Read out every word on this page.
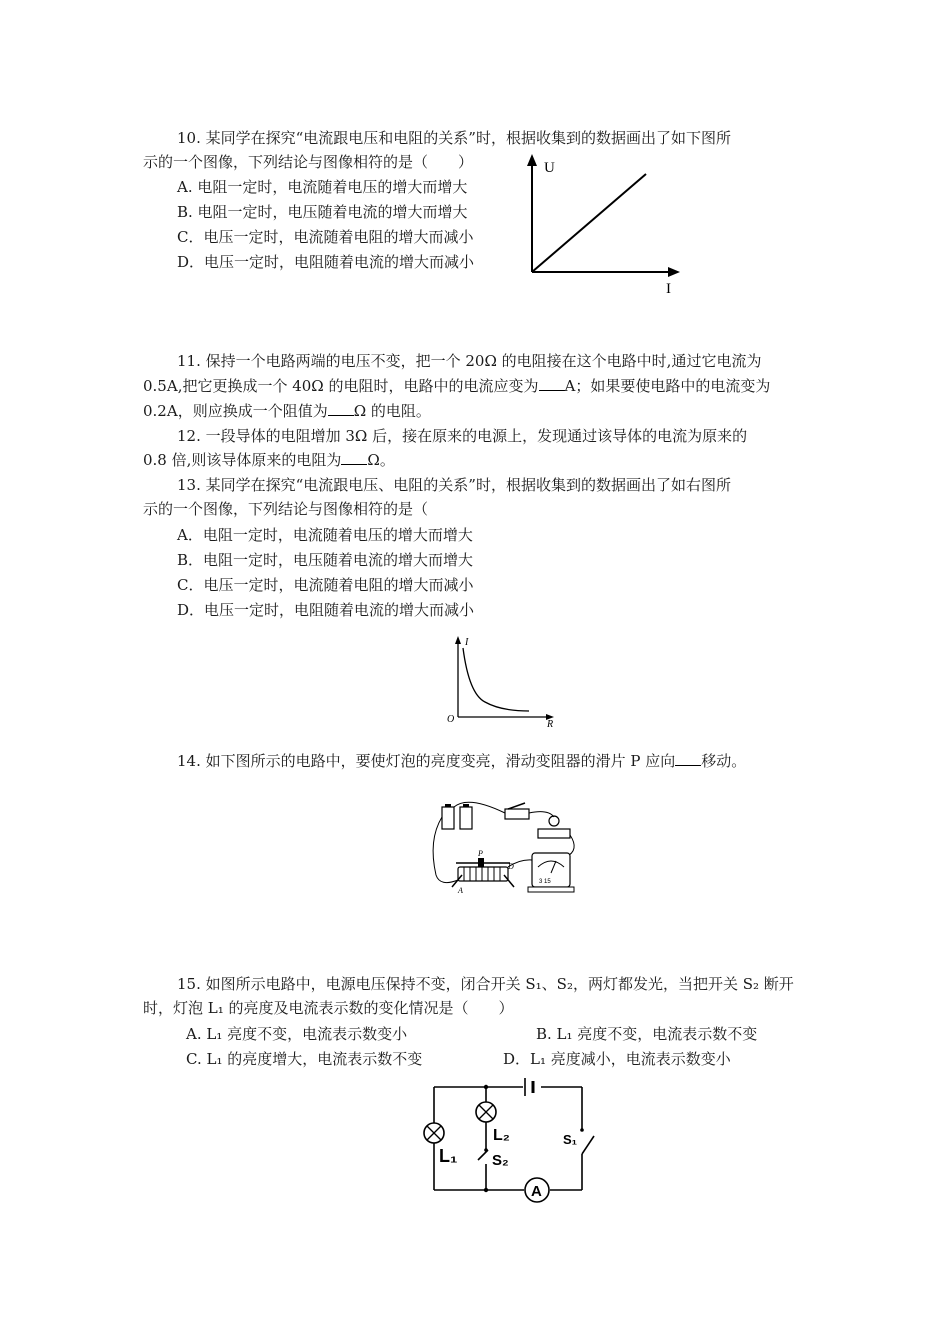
10. 某同学在探究“电流跟电压和电阻的关系”时，根据收集到的数据画出了如下图所
示的一个图像，下列结论与图像相符的是（　　）
A. 电阻一定时，电流随着电压的增大而增大
B. 电阻一定时，电压随着电流的增大而增大
C．电压一定时，电流随着电阻的增大而减小
D．电压一定时，电阻随着电流的增大而减小
U
I
11. 保持一个电路两端的电压不变，把一个 20Ω 的电阻接在这个电路中时,通过它电流为
0.5A,把它更换成一个 40Ω 的电阻时，电路中的电流应变为 A；如果要使电路中的电流变为
0.2A，则应换成一个阻值为 Ω 的电阻。
12. 一段导体的电阻增加 3Ω 后，接在原来的电源上，发现通过该导体的电流为原来的
0.8 倍,则该导体原来的电阻为 Ω。
13. 某同学在探究“电流跟电压、电阻的关系”时，根据收集到的数据画出了如右图所
示的一个图像，下列结论与图像相符的是（
A．电阻一定时，电流随着电压的增大而增大
B．电阻一定时，电压随着电流的增大而增大
C．电压一定时，电流随着电阻的增大而减小
D．电压一定时，电阻随着电流的增大而减小
I
O	R
14. 如下图所示的电路中，要使灯泡的亮度变亮，滑动变阻器的滑片 P 应向 移动。
P
A
D
3 15
15. 如图所示电路中，电源电压保持不变，闭合开关 S₁、S₂，两灯都发光，当把开关 S₂ 断开
时，灯泡 L₁ 的亮度及电流表示数的变化情况是（　　）
A. L₁ 亮度不变，电流表示数变小	B. L₁ 亮度不变，电流表示数不变
C. L₁ 的亮度增大，电流表示数不变	D．L₁ 亮度减小，电流表示数变小
A
L₁
L₂
S₂
S₁
